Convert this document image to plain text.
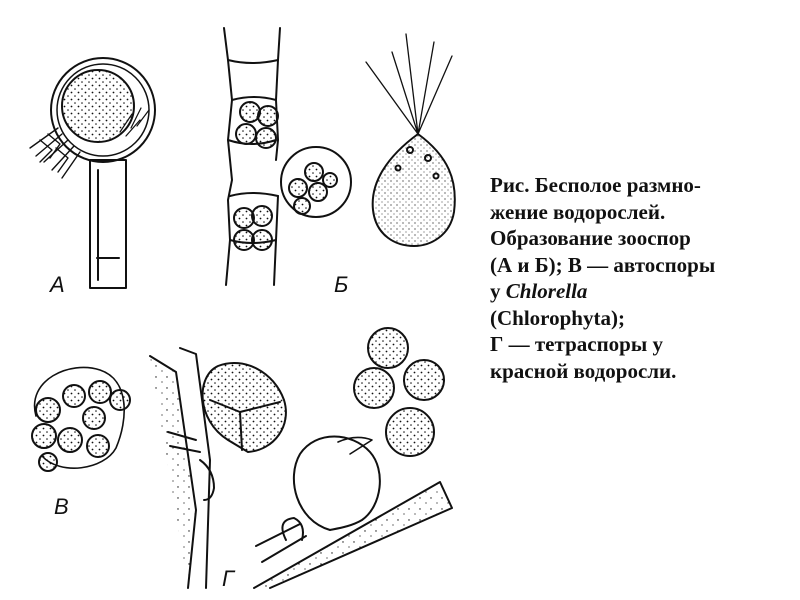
А	Б
В
Г
Рис. Бесполое размно-
жение водорослей.
Образование зооспор
(А и Б); В — автоспоры
у Chlorella
(Chlorophyta);
Г — тетраспоры у
красной водоросли.
